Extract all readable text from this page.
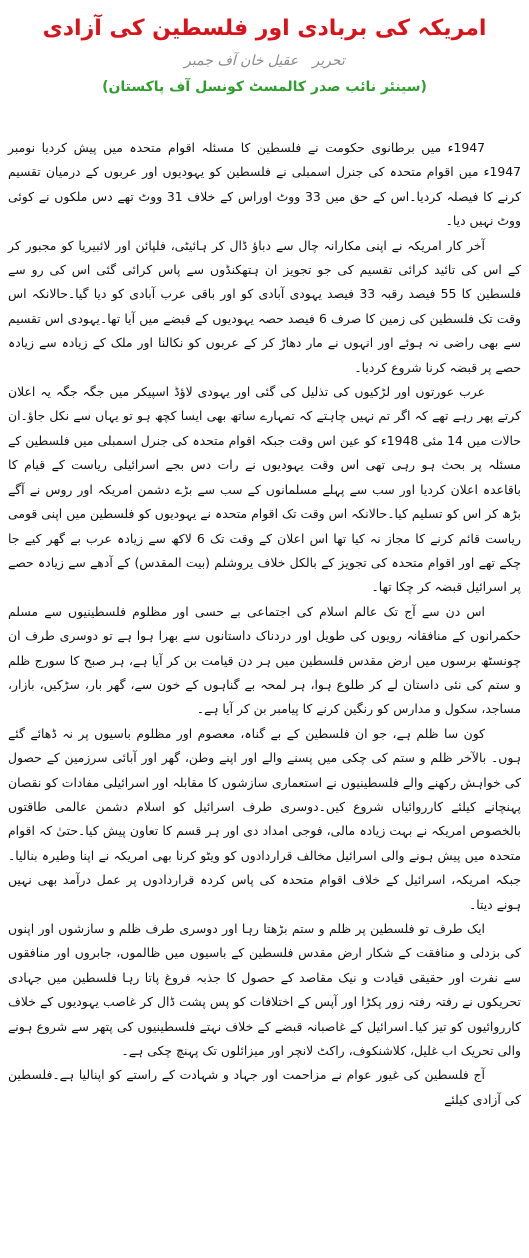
امریکہ کی بربادی اور فلسطین کی آزادی
تحریر عقیل خان آف جمبر
(سینئر نائب صدر کالمسٹ کونسل آف پاکستان)

1947ء میں برطانوی حکومت نے فلسطین کا مسئلہ اقوام متحدہ میں پیش کردیا نومبر 1947ء میں اقوام متحدہ کی جنرل اسمبلی نے فلسطین کو یہودیوں اور عربوں کے درمیان تقسیم کرنے کا فیصلہ کردیا۔اس کے حق میں 33 ووٹ اوراس کے خلاف 31 ووٹ تھے دس ملکوں نے کوئی ووٹ نہیں دیا۔

آخر کار امریکہ نے اپنی مکارانہ چال سے دباؤ ڈال کر ہائیٹی، فلپائن اور لائبیریا کو مجبور کر کے اس کی تائید کرائی تقسیم کی جو تجویز ان ہتھکنڈوں سے پاس کرائی گئی اس کی رو سے فلسطین کا 55 فیصد رقبہ 33 فیصد یہودی آبادی کو اور باقی عرب آبادی کو دیا گیا۔حالانکہ اس وقت تک فلسطین کی زمین کا صرف 6 فیصد حصہ یہودیوں کے قبضے میں آیا تھا۔یہودی اس تقسیم سے بھی راضی نہ ہوئے اور انہوں نے مار دھاڑ کر کے عربوں کو نکالنا اور ملک کے زیادہ سے زیادہ حصے پر قبضہ کرنا شروع کردیا۔

عرب عورتوں اور لڑکیوں کی تذلیل کی گئی اور یہودی لاؤڈ اسپیکر میں جگہ جگہ یہ اعلان کرتے پھر رہے تھے کہ اگر تم نہیں چاہتے کہ تمہارے ساتھ بھی ایسا کچھ ہو تو یہاں سے نکل جاؤ۔ان حالات میں 14 مئی 1948ء کو عین اس وقت جبکہ اقوام متحدہ کی جنرل اسمبلی میں فلسطین کے مسئلہ پر بحث ہو رہی تھی اس وقت یہودیوں نے رات دس بجے اسرائیلی ریاست کے قیام کا باقاعدہ اعلان کردیا اور سب سے پہلے مسلمانوں کے سب سے بڑے دشمن امریکہ اور روس نے آگے بڑھ کر اس کو تسلیم کیا۔حالانکہ اس وقت تک اقوام متحدہ نے یہودیوں کو فلسطین میں اپنی قومی ریاست قائم کرنے کا مجاز نہ کیا تھا اس اعلان کے وقت تک 6 لاکھ سے زیادہ عرب بے گھر کیے جا چکے تھے اور اقوام متحدہ کی تجویز کے بالکل خلاف یروشلم (بیت المقدس) کے آدھے سے زیادہ حصے پر اسرائیل قبضہ کر چکا تھا۔

اس دن سے آج تک عالم اسلام کی اجتماعی بے حسی اور مظلوم فلسطینیوں سے مسلم حکمرانوں کے منافقانہ رویوں کی طویل اور دردناک داستانوں سے بھرا ہوا ہے تو دوسری طرف ان چونسٹھ برسوں میں ارض مقدس فلسطین میں ہر دن قیامت بن کر آیا ہے، ہر صبح کا سورج ظلم و ستم کی نئی داستان لے کر طلوع ہوا، ہر لمحہ بے گناہوں کے خون سے، گھر بار، سڑکیں، بازار، مساجد، سکول و مدارس کو رنگین کرنے کا پیامبر بن کر آیا ہے۔

کون سا ظلم ہے، جو ان فلسطین کے بے گناہ، معصوم اور مظلوم باسیوں پر نہ ڈھائے گئے ہوں۔ بالآخر ظلم و ستم کی چکی میں پسنے والے اور اپنے وطن، گھر اور آبائی سرزمین کے حصول کی خواہش رکھنے والے فلسطینیوں نے استعماری سازشوں کا مقابلہ اور اسرائیلی مفادات کو نقصان پہنچانے کیلئے کارروائیاں شروع کیں۔دوسری طرف اسرائیل کو اسلام دشمن عالمی طاقتوں بالخصوص امریکہ نے بہت زیادہ مالی، فوجی امداد دی اور ہر قسم کا تعاون پیش کیا۔حتیٰ کہ اقوام متحدہ میں پیش ہونے والی اسرائیل مخالف قراردادوں کو ویٹو کرنا بھی امریکہ نے اپنا وطیرہ بنالیا۔ جبکہ امریکہ، اسرائیل کے خلاف اقوام متحدہ کی پاس کردہ قراردادوں پر عمل درآمد بھی نہیں ہونے دیتا۔

ایک طرف تو فلسطین پر ظلم و ستم بڑھتا رہا اور دوسری طرف ظلم و سازشوں اور اپنوں کی بزدلی و منافقت کے شکار ارض مقدس فلسطین کے باسیوں میں ظالموں، جابروں اور منافقوں سے نفرت اور حقیقی قیادت و نیک مقاصد کے حصول کا جذبہ فروغ پاتا رہا فلسطین میں جہادی تحریکوں نے رفتہ رفتہ زور پکڑا اور آپس کے اختلافات کو پس پشت ڈال کر غاصب یہودیوں کے خلاف کارروائیوں کو تیز کیا۔اسرائیل کے غاصبانہ قبضے کے خلاف نہتے فلسطینیوں کی پتھر سے شروع ہونے والی تحریک اب غلیل، کلاشنکوف، راکٹ لانچر اور میزائلوں تک پہنچ چکی ہے۔

آج فلسطین کی غیور عوام نے مزاحمت اور جہاد و شہادت کے راستے کو اپنالیا ہے۔فلسطین کی آزادی کیلئے
